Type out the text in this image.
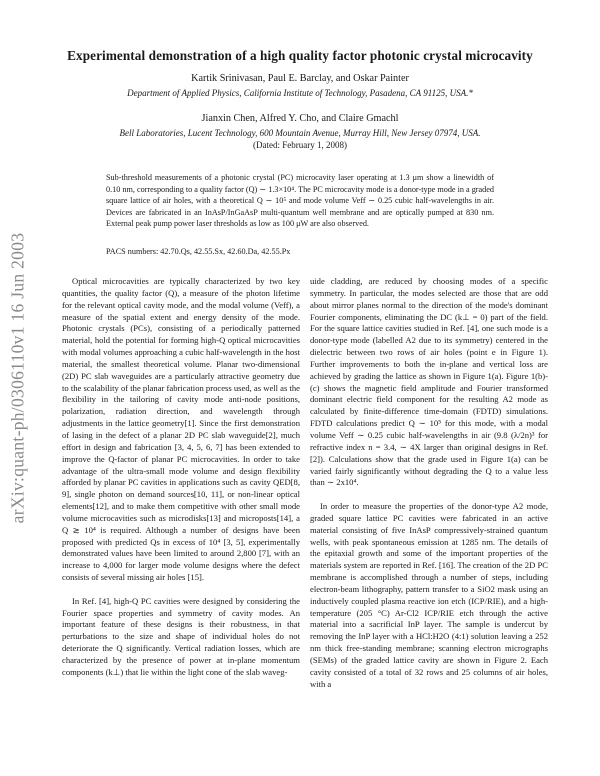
arXiv:quant-ph/0306110v1 16 Jun 2003
Experimental demonstration of a high quality factor photonic crystal microcavity
Kartik Srinivasan, Paul E. Barclay, and Oskar Painter
Department of Applied Physics, California Institute of Technology, Pasadena, CA 91125, USA.*
Jianxin Chen, Alfred Y. Cho, and Claire Gmachl
Bell Laboratories, Lucent Technology, 600 Mountain Avenue, Murray Hill, New Jersey 07974, USA.
(Dated: February 1, 2008)
Sub-threshold measurements of a photonic crystal (PC) microcavity laser operating at 1.3 μm show a linewidth of 0.10 nm, corresponding to a quality factor (Q) ∼ 1.3×10⁴. The PC microcavity mode is a donor-type mode in a graded square lattice of air holes, with a theoretical Q ∼ 10⁵ and mode volume Veff ∼ 0.25 cubic half-wavelengths in air. Devices are fabricated in an InAsP/InGaAsP multi-quantum well membrane and are optically pumped at 830 nm. External peak pump power laser thresholds as low as 100 μW are also observed.
PACS numbers: 42.70.Qs, 42.55.Sx, 42.60.Da, 42.55.Px

Optical microcavities are typically characterized by two key quantities, the quality factor (Q), a measure of the photon lifetime for the relevant optical cavity mode, and the modal volume (Veff), a measure of the spatial extent and energy density of the mode. Photonic crystals (PCs), consisting of a periodically patterned material, hold the potential for forming high-Q optical microcavities with modal volumes approaching a cubic half-wavelength in the host material, the smallest theoretical volume. Planar two-dimensional (2D) PC slab waveguides are a particularly attractive geometry due to the scalability of the planar fabrication process used, as well as the flexibility in the tailoring of cavity mode anti-node positions, polarization, radiation direction, and wavelength through adjustments in the lattice geometry[1]. Since the first demonstration of lasing in the defect of a planar 2D PC slab waveguide[2], much effort in design and fabrication [3, 4, 5, 6, 7] has been extended to improve the Q-factor of planar PC microcavities. In order to take advantage of the ultra-small mode volume and design flexibility afforded by planar PC cavities in applications such as cavity QED[8, 9], single photon on demand sources[10, 11], or non-linear optical elements[12], and to make them competitive with other small mode volume microcavities such as microdisks[13] and microposts[14], a Q ≳ 10⁴ is required. Although a number of designs have been proposed with predicted Qs in excess of 10⁴ [3, 5], experimentally demonstrated values have been limited to around 2,800 [7], with an increase to 4,000 for larger mode volume designs where the defect consists of several missing air holes [15].

In Ref. [4], high-Q PC cavities were designed by considering the Fourier space properties and symmetry of cavity modes. An important feature of these designs is their robustness, in that perturbations to the size and shape of individual holes do not deteriorate the Q significantly. Vertical radiation losses, which are characterized by the presence of power at in-plane momentum components (k⊥) that lie within the light cone of the slab waveg-

uide cladding, are reduced by choosing modes of a specific symmetry. In particular, the modes selected are those that are odd about mirror planes normal to the direction of the mode's dominant Fourier components, eliminating the DC (k⊥ = 0) part of the field. For the square lattice cavities studied in Ref. [4], one such mode is a donor-type mode (labelled A2 due to its symmetry) centered in the dielectric between two rows of air holes (point e in Figure 1). Further improvements to both the in-plane and vertical loss are achieved by grading the lattice as shown in Figure 1(a). Figure 1(b)-(c) shows the magnetic field amplitude and Fourier transformed dominant electric field component for the resulting A2 mode as calculated by finite-difference time-domain (FDTD) simulations. FDTD calculations predict Q ∼ 10⁵ for this mode, with a modal volume Veff ∼ 0.25 cubic half-wavelengths in air (9.8 (λ/2n)³ for refractive index n = 3.4, ∼ 4X larger than original designs in Ref. [2]). Calculations show that the grade used in Figure 1(a) can be varied fairly significantly without degrading the Q to a value less than ∼ 2x10⁴.

In order to measure the properties of the donor-type A2 mode, graded square lattice PC cavities were fabricated in an active material consisting of five InAsP compressively-strained quantum wells, with peak spontaneous emission at 1285 nm. The details of the epitaxial growth and some of the important properties of the materials system are reported in Ref. [16]. The creation of the 2D PC membrane is accomplished through a number of steps, including electron-beam lithography, pattern transfer to a SiO2 mask using an inductively coupled plasma reactive ion etch (ICP/RIE), and a high-temperature (205 °C) Ar-Cl2 ICP/RIE etch through the active material into a sacrificial InP layer. The sample is undercut by removing the InP layer with a HCl:H2O (4:1) solution leaving a 252 nm thick free-standing membrane; scanning electron micrographs (SEMs) of the graded lattice cavity are shown in Figure 2. Each cavity consisted of a total of 32 rows and 25 columns of air holes, with a
